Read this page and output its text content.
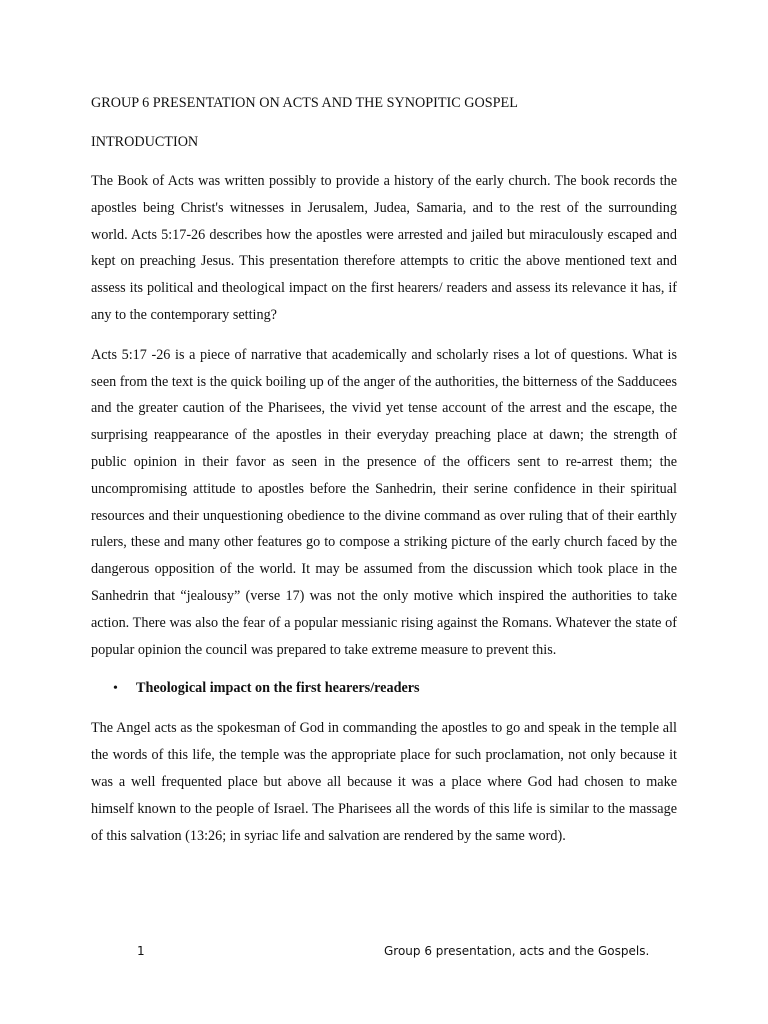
GROUP 6 PRESENTATION ON ACTS AND THE SYNOPITIC GOSPEL

INTRODUCTION

The Book of Acts was written possibly to provide a history of the early church. The book records the apostles being Christ's witnesses in Jerusalem, Judea, Samaria, and to the rest of the surrounding world. Acts 5:17-26 describes how the apostles were arrested and jailed but miraculously escaped and kept on preaching Jesus. This presentation therefore attempts to critic the above mentioned text and assess its political and theological impact on the first hearers/ readers and assess its relevance it has, if any to the contemporary setting?

Acts 5:17 -26 is a piece of narrative that academically and scholarly rises a lot of questions. What is seen from the text is the quick boiling up of the anger of the authorities, the bitterness of the Sadducees and the greater caution of the Pharisees, the vivid yet tense account of the arrest and the escape, the surprising reappearance of the apostles in their everyday preaching place at dawn; the strength of public opinion in their favor as seen in the presence of the officers sent to re-arrest them; the uncompromising attitude to apostles before the Sanhedrin, their serine confidence in their spiritual resources and their unquestioning obedience to the divine command as over ruling that of their earthly rulers, these and many other features go to compose a striking picture of the early church faced by the dangerous opposition of the world. It may be assumed from the discussion which took place in the Sanhedrin that “jealousy” (verse 17) was not the only motive which inspired the authorities to take action. There was also the fear of a popular messianic rising against the Romans. Whatever the state of popular opinion the council was prepared to take extreme measure to prevent this.

•	Theological impact on the first hearers/readers

The Angel acts as the spokesman of God in commanding the apostles to go and speak in the temple all the words of this life, the temple was the appropriate place for such proclamation, not only because it was a well frequented place but above all because it was a place where God had chosen to make himself known to the people of Israel. The Pharisees all the words of this life is similar to the massage of this salvation (13:26; in syriac life and salvation are rendered by the same word).

1	Group 6 presentation, acts and the Gospels.
